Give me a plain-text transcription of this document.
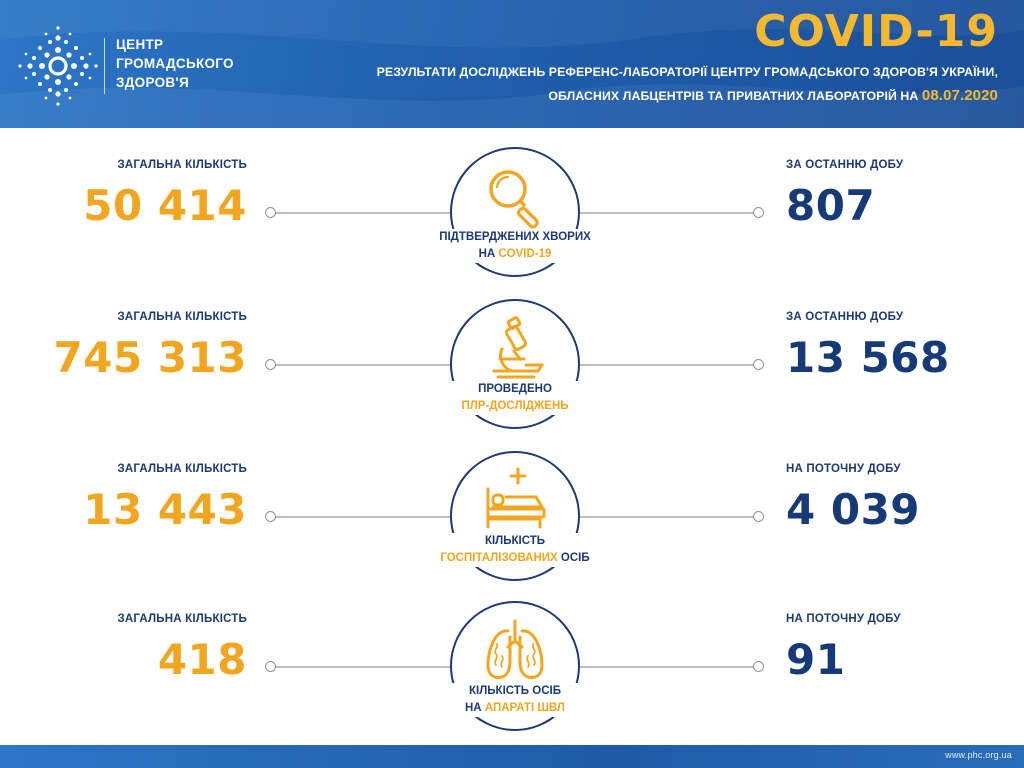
ЦЕНТР
ГРОМАДСЬКОГО
ЗДОРОВ'Я
COVID-19
РЕЗУЛЬТАТИ ДОСЛІДЖЕНЬ РЕФЕРЕНС-ЛАБОРАТОРІЇ ЦЕНТРУ ГРОМАДСЬКОГО ЗДОРОВ'Я УКРАЇНИ,
ОБЛАСНИХ ЛАБЦЕНТРІВ ТА ПРИВАТНИХ ЛАБОРАТОРІЙ НА 08.07.2020
ЗАГАЛЬНА КІЛЬКІСТЬ
50 414
ПІДТВЕРДЖЕНИХ ХВОРИХ
НА COVID-19
ЗА ОСТАННЮ ДОБУ
807
ЗАГАЛЬНА КІЛЬКІСТЬ
745 313
ПРОВЕДЕНО
ПЛР-ДОСЛІДЖЕНЬ
ЗА ОСТАННЮ ДОБУ
13 568
ЗАГАЛЬНА КІЛЬКІСТЬ
13 443
КІЛЬКІСТЬ
ГОСПІТАЛІЗОВАНИХ ОСІБ
НА ПОТОЧНУ ДОБУ
4 039
ЗАГАЛЬНА КІЛЬКІСТЬ
418
КІЛЬКІСТЬ ОСІБ
НА АПАРАТІ ШВЛ
НА ПОТОЧНУ ДОБУ
91
www.phc.org.ua
